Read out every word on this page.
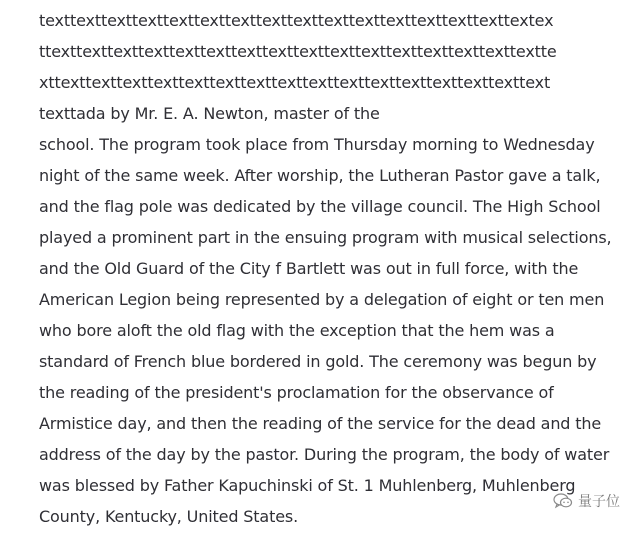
texttexttexttexttexttexttexttexttexttexttexttexttexttexttexttextex
ttexttexttexttexttexttexttexttexttexttexttexttexttexttexttexttextte
xttexttexttexttexttexttexttexttexttexttexttexttexttexttexttexttext
texttada by Mr. E. A. Newton, master of the
school. The program took place from Thursday morning to Wednesday
night of the same week. After worship, the Lutheran Pastor gave a talk,
and the flag pole was dedicated by the village council. The High School
played a prominent part in the ensuing program with musical selections,
and the Old Guard of the City f Bartlett was out in full force, with the
American Legion being represented by a delegation of eight or ten men
who bore aloft the old flag with the exception that the hem was a
standard of French blue bordered in gold. The ceremony was begun by
the reading of the president's proclamation for the observance of
Armistice day, and then the reading of the service for the dead and the
address of the day by the pastor. During the program, the body of water
was blessed by Father Kapuchinski of St. 1 Muhlenberg, Muhlenberg
County, Kentucky, United States.
量子位
